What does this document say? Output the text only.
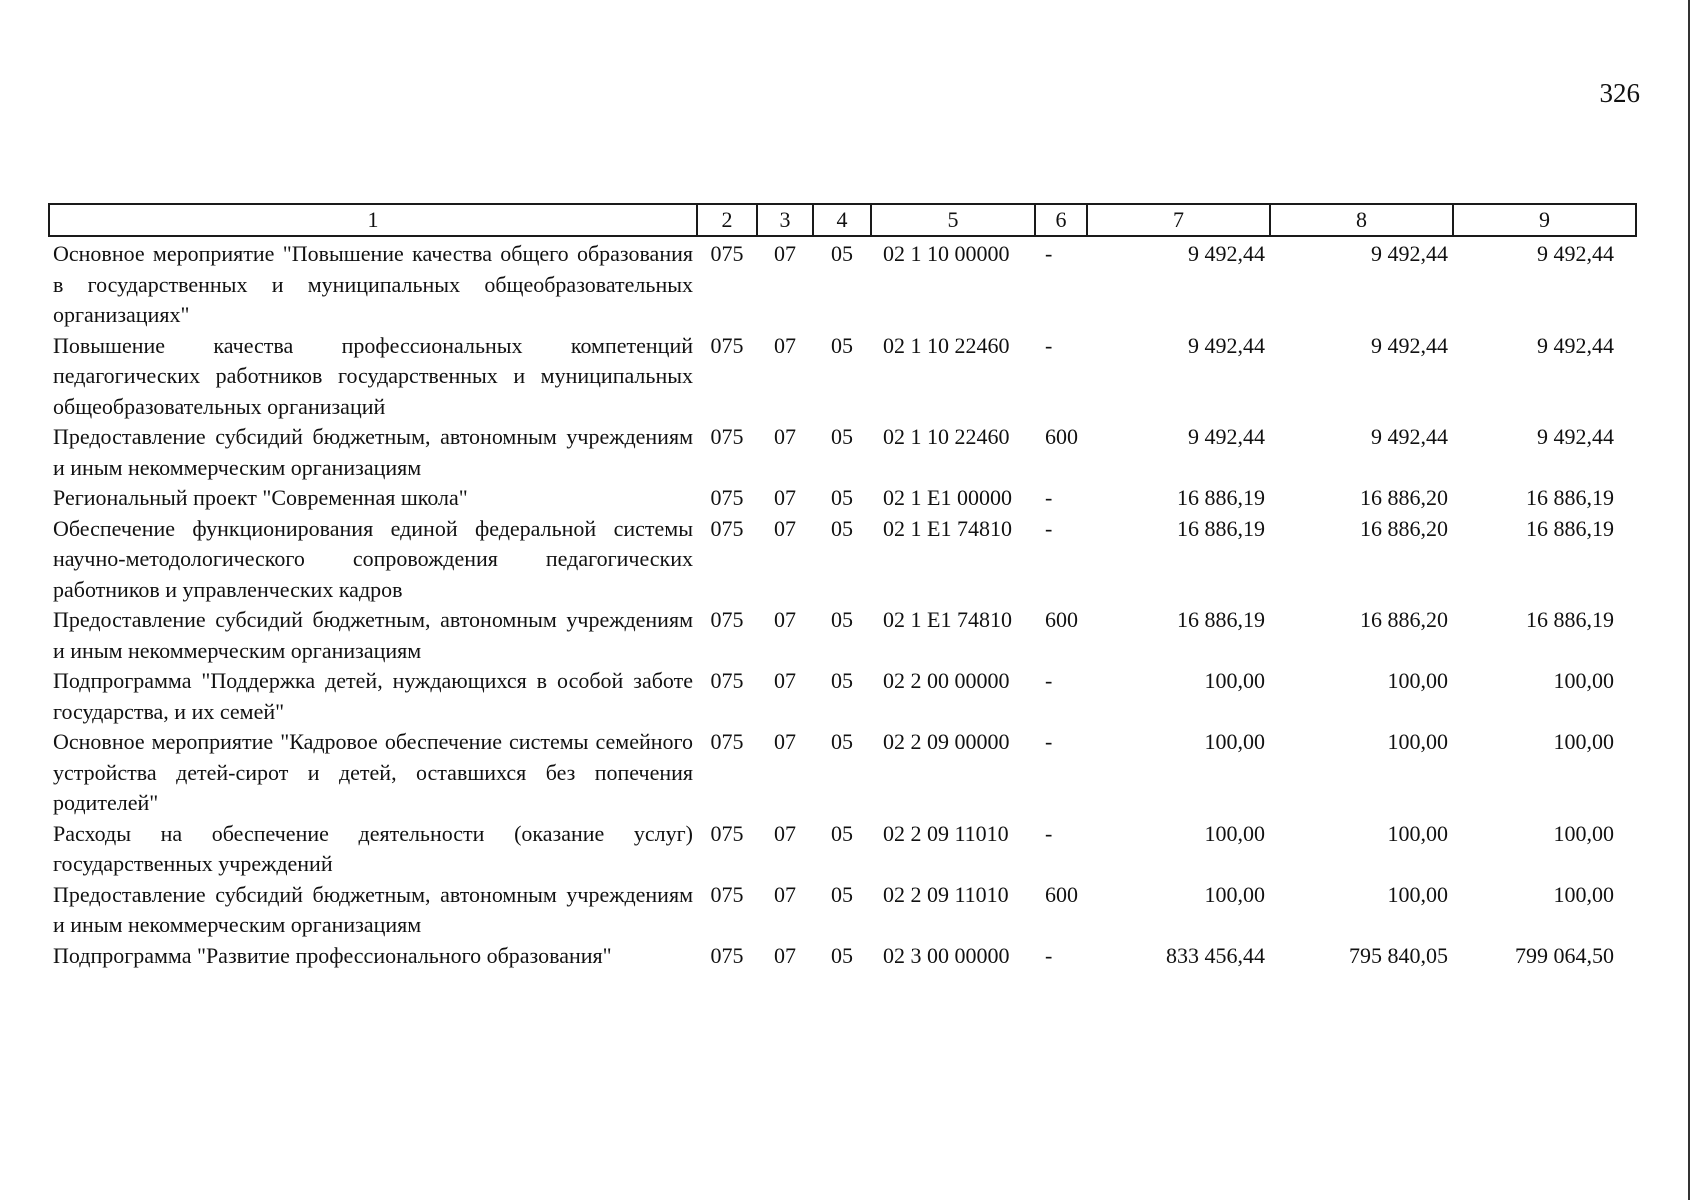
326
1	2	3	4	5	6	7	8	9
Основное мероприятие "Повышение качества общего образования в государственных и муниципальных общеобразовательных организациях"	075	07	05	02 1 10 00000	-	9 492,44	9 492,44	9 492,44
Повышение качества профессиональных компетенций педагогических работников государственных и муниципальных общеобразовательных организаций	075	07	05	02 1 10 22460	-	9 492,44	9 492,44	9 492,44
Предоставление субсидий бюджетным, автономным учреждениям и иным некоммерческим организациям	075	07	05	02 1 10 22460	600	9 492,44	9 492,44	9 492,44
Региональный проект "Современная школа"	075	07	05	02 1 E1 00000	-	16 886,19	16 886,20	16 886,19
Обеспечение функционирования единой федеральной системы научно-методологического сопровождения педагогических работников и управленческих кадров	075	07	05	02 1 E1 74810	-	16 886,19	16 886,20	16 886,19
Предоставление субсидий бюджетным, автономным учреждениям и иным некоммерческим организациям	075	07	05	02 1 E1 74810	600	16 886,19	16 886,20	16 886,19
Подпрограмма "Поддержка детей, нуждающихся в особой заботе государства, и их семей"	075	07	05	02 2 00 00000	-	100,00	100,00	100,00
Основное мероприятие "Кадровое обеспечение системы семейного устройства детей-сирот и детей, оставшихся без попечения родителей"	075	07	05	02 2 09 00000	-	100,00	100,00	100,00
Расходы на обеспечение деятельности (оказание услуг) государственных учреждений	075	07	05	02 2 09 11010	-	100,00	100,00	100,00
Предоставление субсидий бюджетным, автономным учреждениям и иным некоммерческим организациям	075	07	05	02 2 09 11010	600	100,00	100,00	100,00
Подпрограмма "Развитие профессионального образования"	075	07	05	02 3 00 00000	-	833 456,44	795 840,05	799 064,50
